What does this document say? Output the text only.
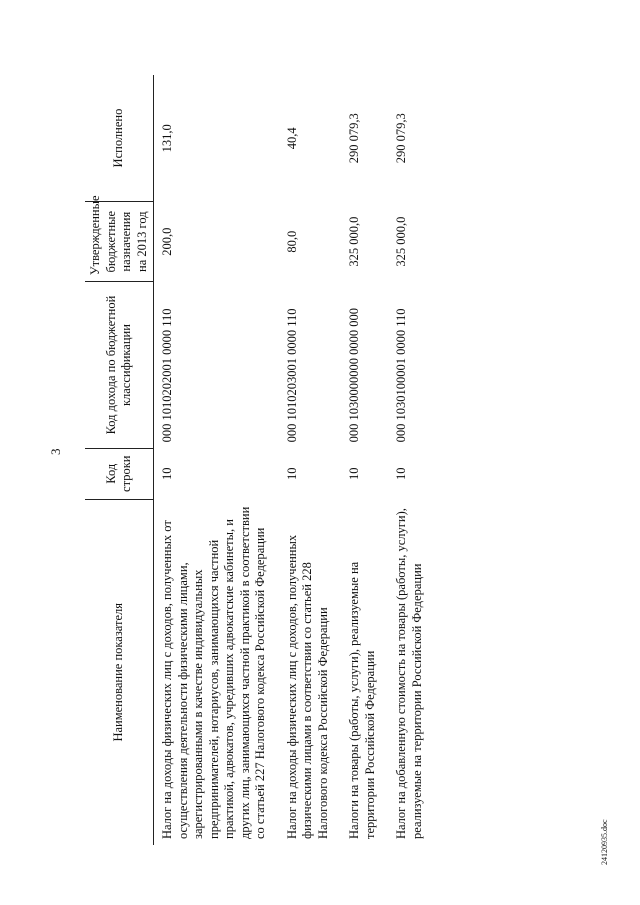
3
Наименование показателя	Код строки	Код дохода по бюджетной классификации	Утвержденные бюджетные назначения на 2013 год	Исполнено
Налог на доходы физических лиц с доходов, полученных от осуществления деятельности физическими лицами, зарегистрированными в качестве индивидуальных предпринимателей, нотариусов, занимающихся частной практикой, адвокатов, учредивших адвокатские кабинеты, и других лиц, занимающихся частной практикой в соответствии со статьей 227 Налогового кодекса Российской Федерации	10	000 1010202001 0000 110	200,0	131,0
Налог на доходы физических лиц с доходов, полученных физическими лицами в соответствии со статьей 228 Налогового кодекса Российской Федерации	10	000 1010203001 0000 110	80,0	40,4
Налоги на товары (работы, услуги), реализуемые на территории Российской Федерации	10	000 1030000000 0000 000	325 000,0	290 079,3
Налог на добавленную стоимость на товары (работы, услуги), реализуемые на территории Российской Федерации	10	000 1030100001 0000 110	325 000,0	290 079,3
24120935.doc
